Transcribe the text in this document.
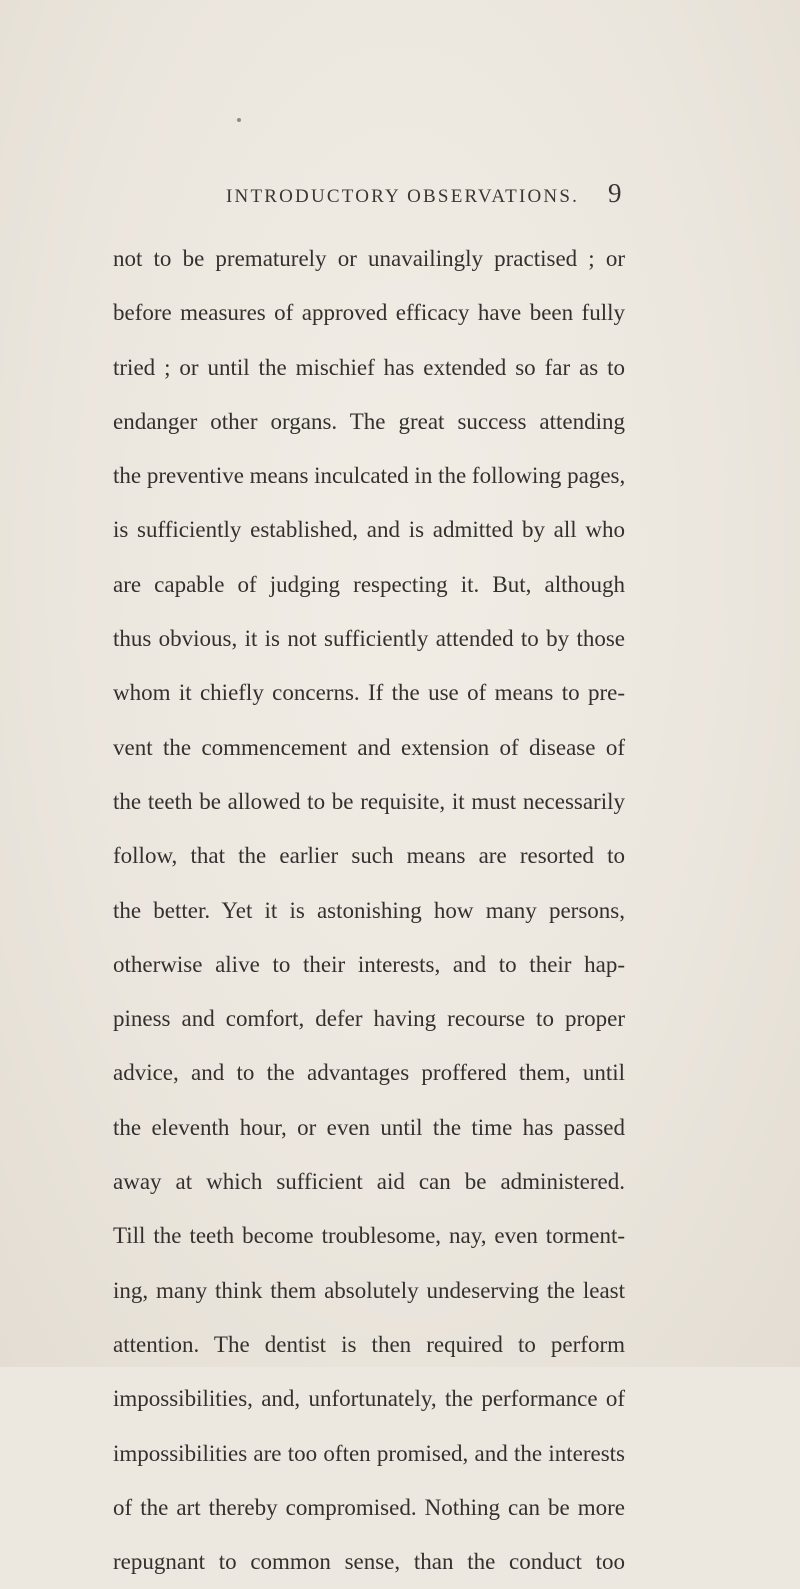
INTRODUCTORY OBSERVATIONS. 9
not to be prematurely or unavailingly practised ; or
before measures of approved efficacy have been fully
tried ; or until the mischief has extended so far as to
endanger other organs. The great success attending
the preventive means inculcated in the following pages,
is sufficiently established, and is admitted by all who
are capable of judging respecting it. But, although
thus obvious, it is not sufficiently attended to by those
whom it chiefly concerns. If the use of means to pre-
vent the commencement and extension of disease of
the teeth be allowed to be requisite, it must necessarily
follow, that the earlier such means are resorted to
the better. Yet it is astonishing how many persons,
otherwise alive to their interests, and to their hap-
piness and comfort, defer having recourse to proper
advice, and to the advantages proffered them, until
the eleventh hour, or even until the time has passed
away at which sufficient aid can be administered.
Till the teeth become troublesome, nay, even torment-
ing, many think them absolutely undeserving the least
attention. The dentist is then required to perform
impossibilities, and, unfortunately, the performance of
impossibilities are too often promised, and the interests
of the art thereby compromised. Nothing can be more
repugnant to common sense, than the conduct too
